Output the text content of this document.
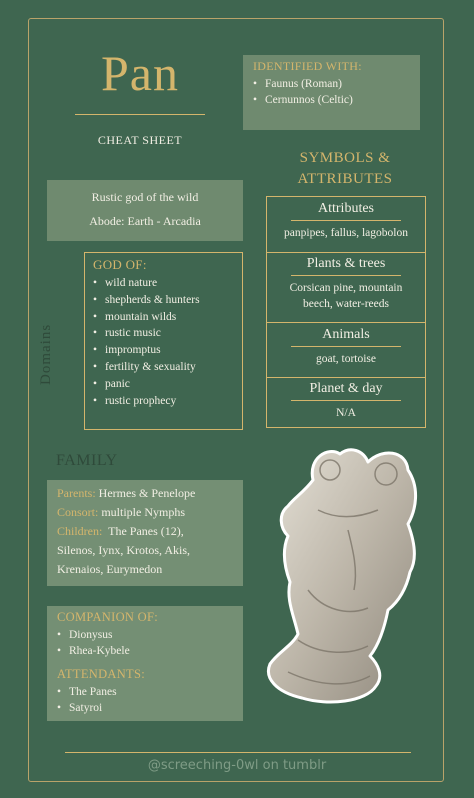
Pan
CHEAT SHEET
IDENTIFIED WITH:
• Faunus (Roman)
• Cernunnos (Celtic)
SYMBOLS &
ATTRIBUTES
Attributes
panpipes, fallus, lagobolon
Plants & trees
Corsican pine, mountain
beech, water-reeds
Animals
goat, tortoise
Planet & day
N/A
Rustic god of the wild
Abode: Earth - Arcadia
GOD OF:
• wild nature
• shepherds & hunters
• mountain wilds
• rustic music
• impromptus
• fertility & sexuality
• panic
• rustic prophecy
Domains
FAMILY
Parents: Hermes & Penelope
Consort: multiple Nymphs
Children: The Panes (12),
Silenos, Iynx, Krotos, Akis,
Krenaios, Eurymedon
COMPANION OF:
• Dionysus
• Rhea-Kybele
ATTENDANTS:
• The Panes
• Satyroi
@screeching-0wl on tumblr
